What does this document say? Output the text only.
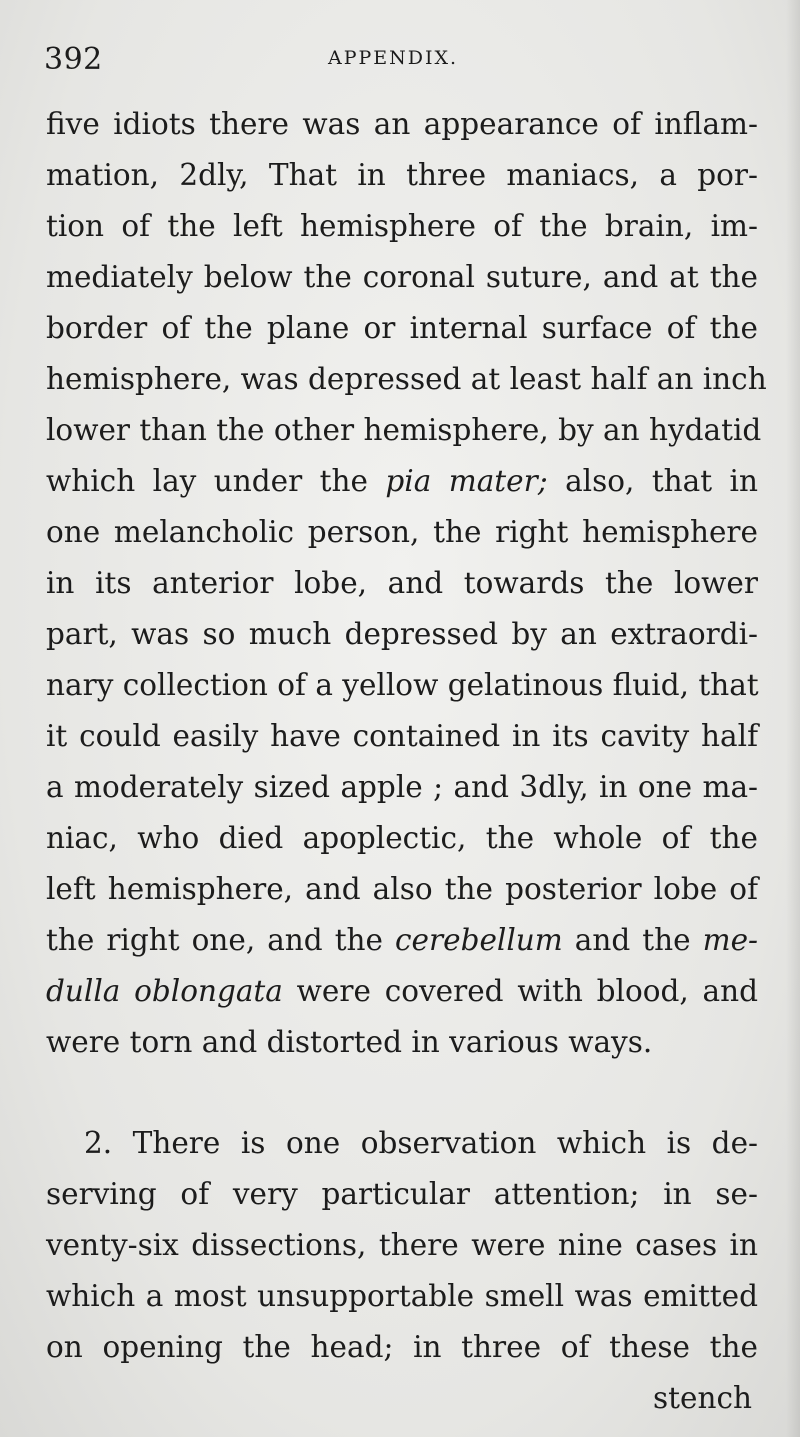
392	APPENDIX.
five idiots there was an appearance of inflam-
mation, 2dly, That in three maniacs, a por-
tion of the left hemisphere of the brain, im-
mediately below the coronal suture, and at the
border of the plane or internal surface of the
hemisphere, was depressed at least half an inch
lower than the other hemisphere, by an hydatid
which lay under the pia mater; also, that in
one melancholic person, the right hemisphere
in its anterior lobe, and towards the lower
part, was so much depressed by an extraordi-
nary collection of a yellow gelatinous fluid, that
it could easily have contained in its cavity half
a moderately sized apple ; and 3dly, in one ma-
niac, who died apoplectic, the whole of the
left hemisphere, and also the posterior lobe of
the right one, and the cerebellum and the me-
dulla oblongata were covered with blood, and
were torn and distorted in various ways.
2. There is one observation which is de-
serving of very particular attention; in se-
venty-six dissections, there were nine cases in
which a most unsupportable smell was emitted
on opening the head; in three of these the
stench
